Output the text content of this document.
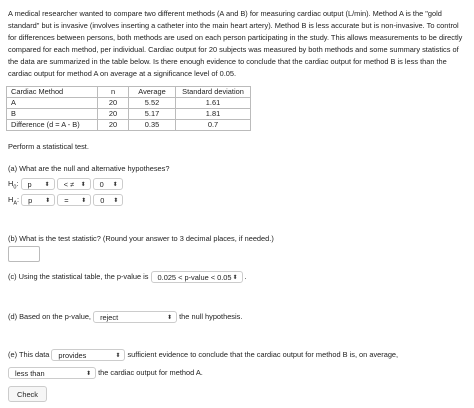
A medical researcher wanted to compare two different methods (A and B) for measuring cardiac output (L/min). Method A is the "gold standard" but is invasive (involves inserting a catheter into the main heart artery). Method B is less accurate but is non-invasive. To control for differences between persons, both methods are used on each person participating in the study. This allows measurements to be directly compared for each method, per individual. Cardiac output for 20 subjects was measured by both methods and some summary statistics of the data are summarized in the table below. Is there enough evidence to conclude that the cardiac output for method B is less than the cardiac output for method A on average at a significance level of 0.05.
Cardiac Method	n	Average	Standard deviation
A	20	5.52	1.61
B	20	5.17	1.81
Difference (d = A - B)	20	0.35	0.7
Perform a statistical test.
(a) What are the null and alternative hypotheses?
$H_0$: p ⬍ < ≠ ⬍ 0 ⬍
$H_A$: p ⬍ = ⬍ 0 ⬍
(b) What is the test statistic? (Round your answer to 3 decimal places, if needed.)
(c) Using the statistical table, the p-value is 0.025 < p-value < 0.05 ⬍ .
(d) Based on the p-value, reject	⬍ the null hypothesis.
(e) This data provides	⬍ sufficient evidence to conclude that the cardiac output for method B is, on average,
less than	⬍ the cardiac output for method A.
Check
